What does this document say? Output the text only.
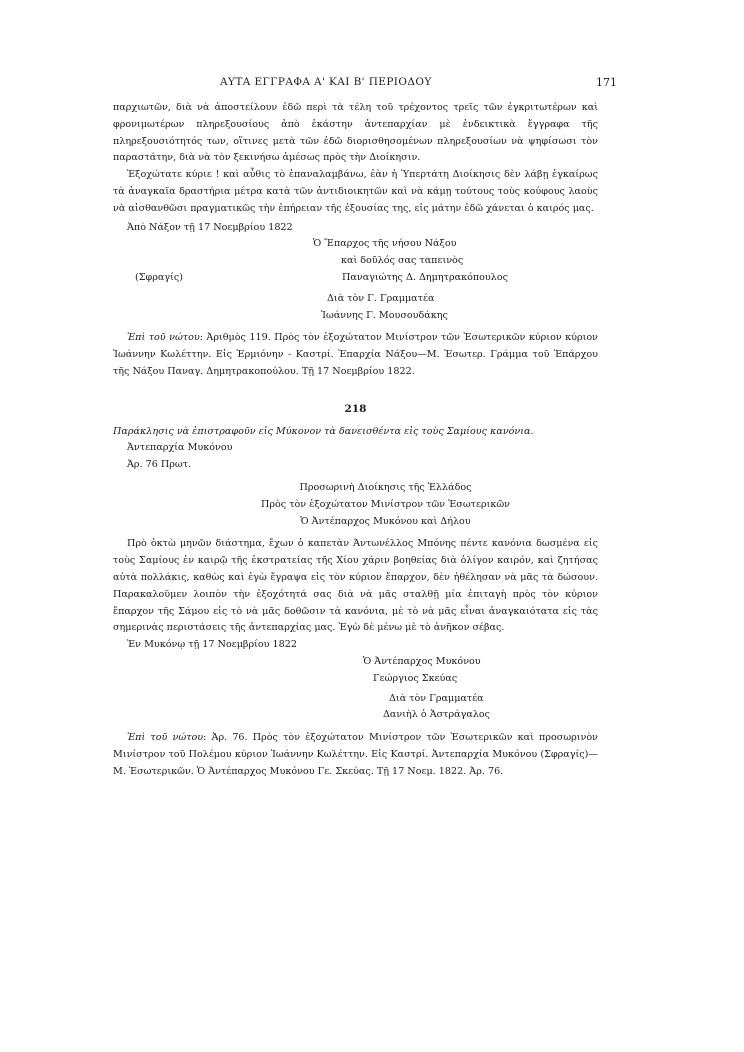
ΑΥΤΑ ΕΓΓΡΑΦΑ Α' ΚΑΙ Β' ΠΕΡΙΟΔΟΥ	171

παρχιωτῶν, διὰ νὰ ἀποστείλουν ἐδῶ περὶ τὰ τέλη τοῦ τρέχοντος τρεῖς τῶν ἐγκριτωτέρων καὶ φρονιμωτέρων πληρεξουσίους ἀπὸ ἑκάστην ἀντεπαρχίαν μὲ ἐνδεικτικὰ ἔγγραφα τῆς πληρεξουσιότητός των, οἵτινες μετὰ τῶν ἐδῶ διορισθησομένων πληρεξουσίων νὰ ψηφίσωσι τὸν παραστάτην, διὰ νὰ τὸν ξεκινήσω ἀμέσως πρὸς τὴν Διοίκησιν.

Ἐξοχώτατε κύριε ! καὶ αὖθις τὸ ἐπαναλαμβάνω, ἐὰν ἡ Ὑπερτάτη Διοίκησις δὲν λάβῃ ἐγκαίρως τὰ ἀναγκαῖα δραστήρια μέτρα κατὰ τῶν ἀντιδιοικητῶν καὶ νὰ κάμῃ τούτους τοὺς κούφους λαοὺς νὰ αἰσθανθῶσι πραγματικῶς τὴν ἐπήρειαν τῆς ἐξουσίας της, εἰς μάτην ἐδῶ χάνεται ὁ καιρός μας.

Ἀπὸ Νάξον τῇ 17 Νοεμβρίου 1822

Ὁ Ἔπαρχος τῆς νήσου Νάξου
καὶ δοῦλός σας ταπεινὸς
(Σφραγίς)	Παναγιώτης Δ. Δημητρακόπουλος
Διὰ τὸν Γ. Γραμματέα
Ἰωάννης Γ. Μουσουδάκης

Ἐπὶ τοῦ νώτου: Ἀριθμὸς 119. Πρὸς τὸν ἐξοχώτατον Μινίστρον τῶν Ἐσωτερικῶν κύριον κύριον Ἰωάννην Κωλέττην. Εἰς Ἑρμιόνην - Καστρί. Ἐπαρχία Νάξου—Μ. Ἐσωτερ. Γράμμα τοῦ Ἐπάρχου τῆς Νάξου Παναγ. Δημητρακοπούλου. Τῇ 17 Νοεμβρίου 1822.

218

Παράκλησις νὰ ἐπιστραφοῦν εἰς Μύκονον τὰ δανεισθέντα εἰς τοὺς Σαμίους κανόνια.

Ἀντεπαρχία Μυκόνου

Ἀρ. 76 Πρωτ.

Προσωρινὴ Διοίκησις τῆς Ἑλλάδος

Πρὸς τὸν ἐξοχώτατον Μινίστρον τῶν Ἐσωτερικῶν

Ὁ Ἀντέπαρχος Μυκόνου καὶ Δήλου

Πρὸ ὀκτὼ μηνῶν διάστημα, ἔχων ὁ καπετὰν Ἀντωνέλλος Μπόνης πέντε κανόνια δωσμένα εἰς τοὺς Σαμίους ἐν καιρῷ τῆς ἐκστρατείας τῆς Χίου χάριν βοηθείας διὰ ὀλίγον καιρόν, καὶ ζητήσας αὐτὰ πολλάκις, καθὼς καὶ ἐγὼ ἔγραψα εἰς τὸν κύριον ἔπαρχον, δὲν ἠθέλησαν νὰ μᾶς τὰ δώσουν. Παρακαλοῦμεν λοιπὸν τὴν ἐξοχότητά σας διὰ νὰ μᾶς σταλθῇ μία ἐπιταγὴ πρὸς τὸν κύριον ἔπαρχον τῆς Σάμου εἰς τὸ νὰ μᾶς δοθῶσιν τὰ κανόνια, μὲ τὸ νὰ μᾶς εἶναι ἀναγκαιότατα εἰς τὰς σημερινὰς περιστάσεις τῆς ἀντεπαρχίας μας. Ἐγὼ δὲ μένω μὲ τὸ ἀνῆκον σέβας.

Ἐν Μυκόνῳ τῇ 17 Νοεμβρίου 1822

Ὁ Ἀντέπαρχος Μυκόνου
Γεώργιος Σκεύας
Διὰ τὸν Γραμματέα
Δανιὴλ ὁ Ἀστράγαλος

Ἐπὶ τοῦ νώτου: Ἀρ. 76. Πρὸς τὸν ἐξοχώτατον Μινίστρον τῶν Ἐσωτερικῶν καὶ προσωρινὸν Μινίστρον τοῦ Πολέμου κύριον Ἰωάννην Κωλέττην. Εἰς Καστρί. Ἀντεπαρχία Μυκόνου (Σφραγίς)—Μ. Ἐσωτερικῶν. Ὁ Ἀντέπαρχος Μυκόνου Γε. Σκεύας. Τῇ 17 Νοεμ. 1822. Ἀρ. 76.
